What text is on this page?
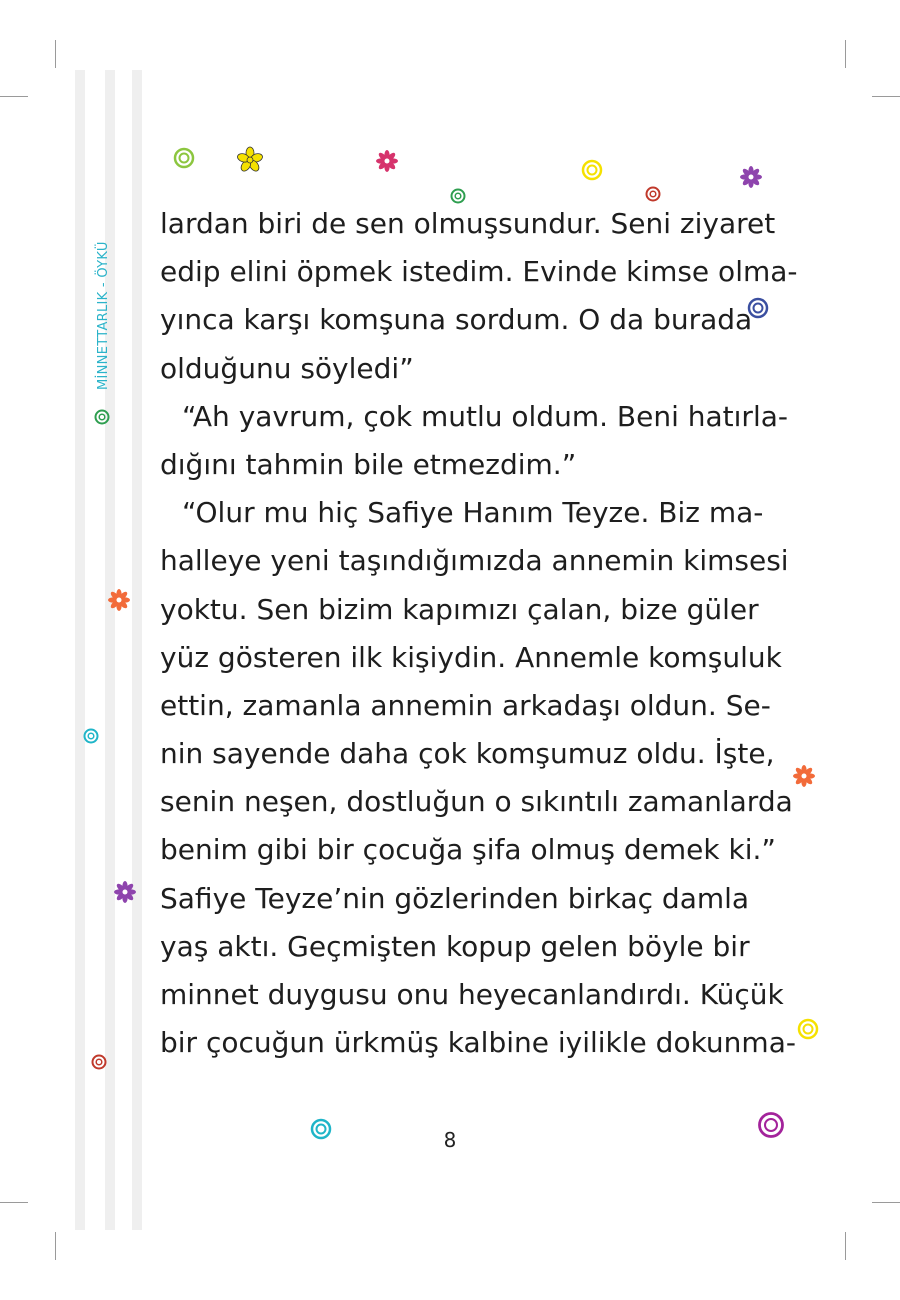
MİNNETTARLIK - ÖYKÜ
lardan biri de sen olmuşsundur. Seni ziyaret
edip elini öpmek istedim. Evinde kimse olma-
yınca karşı komşuna sordum. O da burada
olduğunu söyledi”
“Ah yavrum, çok mutlu oldum. Beni hatırla-
dığını tahmin bile etmezdim.”
“Olur mu hiç Safiye Hanım Teyze. Biz ma-
halleye yeni taşındığımızda annemin kimsesi
yoktu. Sen bizim kapımızı çalan, bize güler
yüz gösteren ilk kişiydin. Annemle komşuluk
ettin, zamanla annemin arkadaşı oldun. Se-
nin sayende daha çok komşumuz oldu. İşte,
senin neşen, dostluğun o sıkıntılı zamanlarda
benim gibi bir çocuğa şifa olmuş demek ki.”
Safiye Teyze’nin gözlerinden birkaç damla
yaş aktı. Geçmişten kopup gelen böyle bir
minnet duygusu onu heyecanlandırdı. Küçük
bir çocuğun ürkmüş kalbine iyilikle dokunma-
8
